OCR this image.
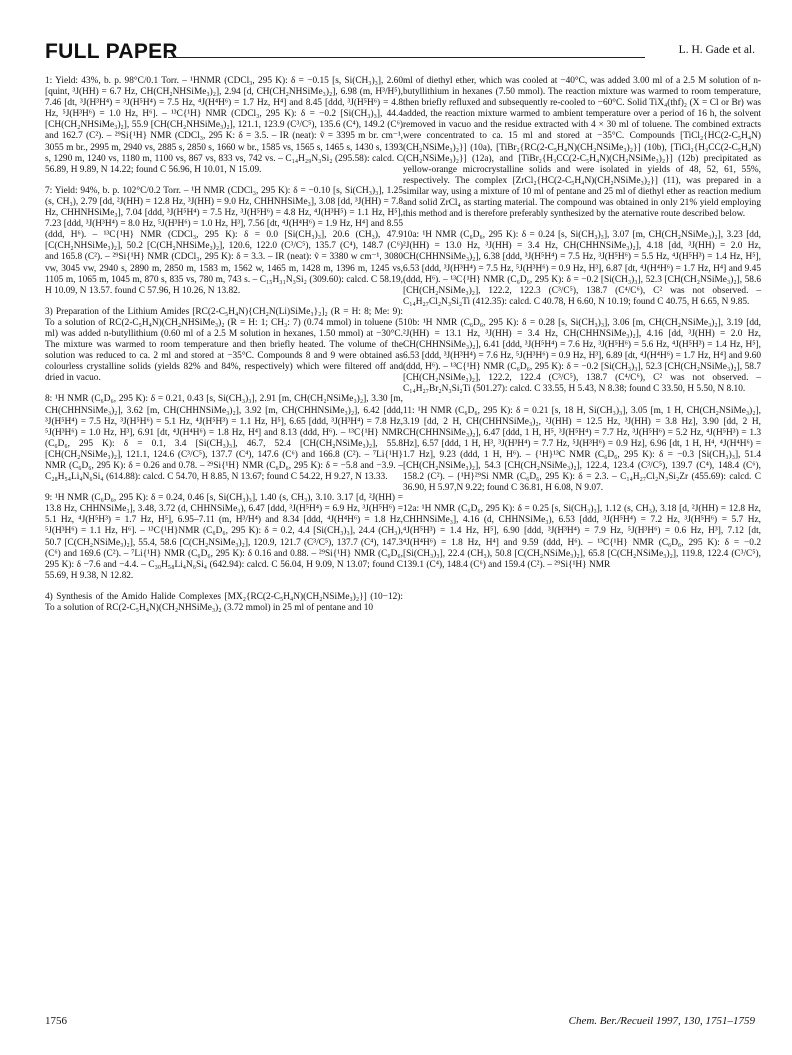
FULL PAPER	L. H. Gade et al.

1: Yield: 43%, b. p. 98°C/0.1 Torr. – ¹HNMR (CDCl₃, 295 K): δ = −0.15 [s, Si(CH₃)₃], 2.60 [quint, ³J(HH) = 6.7 Hz, CH(CH₂NHSiMe₃)₂], 2.94 [d, CH(CH₂NHSiMe₃)₂], 6.98 (m, H³/H⁵), 7.46 [dt, ³J(H³H⁴) = ³J(H⁵H⁴) = 7.5 Hz, ⁴J(H⁴H⁶) = 1.7 Hz, H⁴] and 8.45 [ddd, ³J(H⁵H⁶) = 4.8 Hz, ⁵J(H³H⁶) = 1.0 Hz, H⁶]. – ¹³C{¹H} NMR (CDCl₃, 295 K): δ = −0.2 [Si(CH₃)₃], 44.4 [CH(CH₂NHSiMe₃)₂], 55.9 [CH(CH₂NHSiMe₃)₂], 121.1, 123.9 (C³/C⁵), 135.6 (C⁴), 149.2 (C⁶) and 162.7 (C²). – ²⁹Si{¹H} NMR (CDCl₃, 295 K: δ = 3.5. – IR (neat): ṽ = 3395 m br. cm⁻¹, 3055 m br., 2995 m, 2940 vs, 2885 s, 2850 s, 1660 w br., 1585 vs, 1565 s, 1465 s, 1430 s, 1393 s, 1290 m, 1240 vs, 1180 m, 1100 vs, 867 vs, 833 vs, 742 vs. – C₁₄H₂₉N₃Si₂ (295.58): calcd. C 56.89, H 9.89, N 14.22; found C 56.96, H 10.01, N 15.09.

7: Yield: 94%, b. p. 102°C/0.2 Torr. – ¹H NMR (CDCl₃, 295 K): δ = −0.10 [s, Si(CH₃)₃], 1.25 (s, CH₃), 2.79 [dd, ²J(HH) = 12.8 Hz, ³J(HH) = 9.0 Hz, CHHNHSiMe₃], 3.08 [dd, ³J(HH) = 7.8 Hz, CHHNHSiMe₃], 7.04 [ddd, ³J(H⁵H⁴) = 7.5 Hz, ³J(H⁵H⁶) = 4.8 Hz, ⁴J(H³H⁵) = 1.1 Hz, H⁵], 7.23 [ddd, ³J(H³H⁴) = 8.0 Hz, ⁵J(H³H⁶) = 1.0 Hz, H³], 7.56 [dt, ⁴J(H⁴H⁶) = 1.9 Hz, H⁴] and 8.55 (ddd, H⁶). – ¹³C{¹H} NMR (CDCl₃, 295 K): δ = 0.0 [Si(CH₃)₃], 20.6 (CH₃), 47.9 [C(CH₂NHSiMe₃)₂], 50.2 [C(CH₂NHSiMe₃)₂], 120.6, 122.0 (C³/C⁵), 135.7 (C⁴), 148.7 (C⁶) and 165.8 (C²). – ²⁹Si{¹H} NMR (CDCl₃, 295 K): δ = 3.3. – IR (neat): ṽ = 3380 w cm⁻¹, 3080 vw, 3045 vw, 2940 s, 2890 m, 2850 m, 1583 m, 1562 w, 1465 m, 1428 m, 1396 m, 1245 vs, 1105 m, 1065 m, 1045 m, 870 s, 835 vs, 780 m, 743 s. – C₁₅H₃₁N₃Si₂ (309.60): calcd. C 58.19, H 10.09, N 13.57. found C 57.96, H 10.26, N 13.82.

3) Preparation of the Lithium Amides [RC(2-C₅H₄N){CH₂N(Li)SiMe₃}₂]₂ (R = H: 8; Me: 9): To a solution of RC(2-C₅H₄N)(CH₂NHSiMe₃)₂ (R = H: 1; CH₃: 7) (0.74 mmol) in toluene (5 ml) was added n-butyllithium (0.60 ml of a 2.5 M solution in hexanes, 1.50 mmol) at −30°C. The mixture was warmed to room temperature and then briefly heated. The volume of the solution was reduced to ca. 2 ml and stored at −35°C. Compounds 8 and 9 were obtained as colourless crystalline solids (yields 82% and 84%, respectively) which were filtered off and dried in vacuo.

8: ¹H NMR (C₆D₆, 295 K): δ = 0.21, 0.43 [s, Si(CH₃)₃], 2.91 [m, CH(CH₂NSiMe₃)₂], 3.30 [m, CH(CHHNSiMe₃)₂], 3.62 [m, CH(CHHNSiMe₃)₂], 3.92 [m, CH(CHHNSiMe₃)₂], 6.42 [ddd, ³J(H⁵H⁴) = 7.5 Hz, ³J(H⁵H⁶) = 5.1 Hz, ⁴J(H⁵H³) = 1.1 Hz, H⁵], 6.65 [ddd, ³J(H³H⁴) = 7.8 Hz, ⁵J(H³H⁶) = 1.0 Hz, H³], 6.91 [dt, ⁴J(H⁴H⁶) = 1.8 Hz, H⁴] and 8.13 (ddd, H⁶). – ¹³C{¹H} NMR (C₆D₆, 295 K): δ = 0.1, 3.4 [Si(CH₃)₃], 46.7, 52.4 [CH(CH₂NSiMe₃)₂], 55.8 [CH(CH₂NSiMe₃)₂], 121.1, 124.6 (C³/C⁵), 137.7 (C⁴), 147.6 (C⁶) and 166.8 (C²). – ⁷Li{¹H} NMR (C₆D₆, 295 K): δ = 0.26 and 0.78. – ²⁹Si{¹H} NMR (C₆D₆, 295 K): δ = −5.8 and −3.9. – C₂₈H₅₄Li₄N₆Si₄ (614.88): calcd. C 54.70, H 8.85, N 13.67; found C 54.22, H 9.27, N 13.33.

9: ¹H NMR (C₆D₆, 295 K): δ = 0.24, 0.46 [s, Si(CH₃)₃], 1.40 (s, CH₃), 3.10. 3.17 [d, ²J(HH) = 13.8 Hz, CHHNSiMe₃], 3.48, 3.72 (d, CHHNSiMe₃), 6.47 [ddd, ³J(H⁵H⁴) = 6.9 Hz, ³J(H⁵H⁶) = 5.1 Hz, ⁴J(H⁵H³) = 1.7 Hz, H⁵], 6.95–7.11 (m, H³/H⁴) and 8.34 [ddd, ⁴J(H⁴H⁶) = 1.8 Hz, ⁵J(H³H⁶) = 1.1 Hz, H⁶]. – ¹³C{¹H}NMR (C₆D₆, 295 K): δ = 0.2, 4.4 [Si(CH₃)₃], 24.4 (CH₃), 50.7 [C(CH₂NSiMe₃)₂], 55.4, 58.6 [C(CH₂NSiMe₃)₂], 120.9, 121.7 (C³/C⁵), 137.7 (C⁴), 147.3 (C⁶) and 169.6 (C²). – ⁷Li{¹H} NMR (C₆D₆, 295 K): δ 0.16 and 0.88. – ²⁹Si{¹H} NMR (C₆D₆, 295 K): δ −7.6 and −4.4. – C₃₀H₅₈Li₄N₆Si₄ (642.94): calcd. C 56.04, H 9.09, N 13.07; found C 55.69, H 9.38, N 12.82.

4) Synthesis of the Amido Halide Complexes [MX₂{RC(2-C₅H₄N)(CH₂NSiMe₃)₂}] (10−12): To a solution of RC(2-C₅H₄N)(CH₂NHSiMe₃)₂ (3.72 mmol) in 25 ml of pentane and 10

ml of diethyl ether, which was cooled at −40°C, was added 3.00 ml of a 2.5 M solution of n-butyllithium in hexanes (7.50 mmol). The reaction mixture was warmed to room temperature, then briefly refluxed and subsequently re-cooled to −60°C. Solid TiX₄(thf)₂ (X = Cl or Br) was added, the reaction mixture warmed to ambient temperature over a period of 16 h, the solvent removed in vacuo and the residue extracted with 4 × 30 ml of toluene. The combined extracts were concentrated to ca. 15 ml and stored at −35°C. Compounds [TiCl₂{HC(2-C₅H₄N)(CH₂NSiMe₃)₂}] (10a), [TiBr₂{RC(2-C₅H₄N)(CH₂NSiMe₃)₂}] (10b), [TiCl₂{H₃CC(2-C₅H₄N)(CH₂NSiMe₃)₂}] (12a), and [TiBr₂{H₃CC(2-C₅H₄N)(CH₂NSiMe₃)₂}] (12b) precipitated as yellow-orange microcrystalline solids and were isolated in yields of 48, 52, 61, 55%, respectively. The complex [ZrCl₂{HC(2-C₅H₄N)(CH₂NSiMe₃)₂}] (11), was prepared in a similar way, using a mixture of 10 ml of pentane and 25 ml of diethyl ether as reaction medium and solid ZrCl₄ as starting material. The compound was obtained in only 21% yield employing this method and is therefore preferably synthesized by the aternative route described below.

10a: ¹H NMR (C₆D₆, 295 K): δ = 0.24 [s, Si(CH₃)₃], 3.07 [m, CH(CH₂NSiMe₃)₂], 3.23 [dd, ²J(HH) = 13.0 Hz, ³J(HH) = 3.4 Hz, CH(CHHNSiMe₃)₂], 4.18 [dd, ³J(HH) = 2.0 Hz, CH(CHHNSiMe₃)₂], 6.38 [ddd, ³J(H⁵H⁴) = 7.5 Hz, ³J(H⁵H⁶) = 5.5 Hz, ⁴J(H⁵H³) = 1.4 Hz, H⁵], 6.53 [ddd, ³J(H³H⁴) = 7.5 Hz, ⁵J(H³H⁶) = 0.9 Hz, H³], 6.87 [dt, ⁴J(H⁴H⁶) = 1.7 Hz, H⁴] and 9.45 (ddd, H⁶). – ¹³C{¹H} NMR (C₆D₆, 295 K): δ = −0.2 [Si(CH₃)₃], 52.3 [CH(CH₂NSiMe₃)₂], 58.6 [CH(CH₂NSiMe₃)₂], 122.2, 122.3 (C³/C⁵), 138.7 (C⁴/C⁶), C² was not observed. – C₁₄H₂₇Cl₂N₃Si₂Ti (412.35): calcd. C 40.78, H 6.60, N 10.19; found C 40.75, H 6.65, N 9.85.

10b: ¹H NMR (C₆D₆, 295 K): δ = 0.28 [s, Si(CH₃)₃], 3.06 [m, CH(CH₂NSiMe₃)₂], 3.19 [dd, ²J(HH) = 13.1 Hz, ³J(HH) = 3.4 Hz, CH(CHHNSiMe₃)₂], 4.16 [dd, ³J(HH) = 2.0 Hz, CH(CHHNSiMe₃)₂], 6.41 [ddd, ³J(H⁵H⁴) = 7.6 Hz, ³J(H⁵H⁶) = 5.6 Hz, ⁴J(H⁵H³) = 1.4 Hz, H⁵], 6.53 [ddd, ³J(H³H⁴) = 7.6 Hz, ⁵J(H³H⁶) = 0.9 Hz, H³], 6.89 [dt, ⁴J(H⁴H⁶) = 1.7 Hz, H⁴] and 9.60 (ddd, H⁶). – ¹³C{¹H} NMR (C₆D₆, 295 K): δ = −0.2 [Si(CH₃)₃], 52.3 [CH(CH₂NSiMe₃)₂], 58.7 [CH(CH₂NSiMe₃)₂], 122.2, 122.4 (C³/C⁵), 138.7 (C⁴/C⁶), C² was not observed. – C₁₄H₂₇Br₂N₃Si₂Ti (501.27): calcd. C 33.55, H 5.43, N 8.38; found C 33.50, H 5.50, N 8.10.

11: ¹H NMR (C₆D₆, 295 K): δ = 0.21 [s, 18 H, Si(CH₃)₃], 3.05 [m, 1 H, CH(CH₂NSiMe₃)₂], 3.19 [dd, 2 H, CH(CHHNSiMe₃)₂, ²J(HH) = 12.5 Hz, ³J(HH) = 3.8 Hz], 3.90 [dd, 2 H, CH(CHHNSiMe₃)₂], 6.47 [ddd, 1 H, H⁵, ³J(H⁵H⁴) = 7.7 Hz, ³J(H⁵H⁶) = 5.2 Hz, ⁴J(H⁵H³) = 1.3 Hz], 6.57 [ddd, 1 H, H³, ³J(H³H⁴) = 7.7 Hz, ⁵J(H³H⁶) = 0.9 Hz], 6.96 [dt, 1 H, H⁴, ⁴J(H⁴H⁶) = 1.7 Hz], 9.23 (ddd, 1 H, H⁶). – {¹H}¹³C NMR (C₆D₆, 295 K): δ = −0.3 [Si(CH₃)₃], 51.4 [CH(CH₂NSiMe₃)₂], 54.3 [CH(CH₂NSiMe₃)₂], 122.4, 123.4 (C³/C⁵), 139.7 (C⁴), 148.4 (C⁶), 158.2 (C²). – {¹H}²⁹Si NMR (C₆D₆, 295 K): δ = 2.3. – C₁₄H₂₇Cl₂N₃Si₂Zr (455.69): calcd. C 36.90, H 5.97,N 9.22; found C 36.81, H 6.08, N 9.07.

12a: ¹H NMR (C₆D₆, 295 K): δ = 0.25 [s, Si(CH₃)₃], 1.12 (s, CH₃), 3.18 [d, ²J(HH) = 12.8 Hz, CHHNSiMe₃], 4.16 (d, CHHNSiMe₃), 6.53 [ddd, ³J(H⁵H⁴) = 7.2 Hz, ³J(H⁵H⁶) = 5.7 Hz, ⁴J(H⁵H³) = 1.4 Hz, H⁵], 6.90 [ddd, ³J(H³H⁴) = 7.9 Hz, ⁵J(H³H⁶) = 0.6 Hz, H³], 7.12 [dt, ⁴J(H⁴H⁶) = 1.8 Hz, H⁴] and 9.59 (ddd, H⁶). – ¹³C{¹H} NMR (C₆D₆, 295 K): δ = −0.2 [Si(CH₃)₃], 22.4 (CH₃), 50.8 [C(CH₂NSiMe₃)₂], 65.8 [C(CH₂NSiMe₃)₂], 119.8, 122.4 (C³/C⁵), 139.1 (C⁴), 148.4 (C⁶) and 159.4 (C²). – ²⁹Si{¹H} NMR

1756	Chem. Ber./Recueil 1997, 130, 1751–1759
